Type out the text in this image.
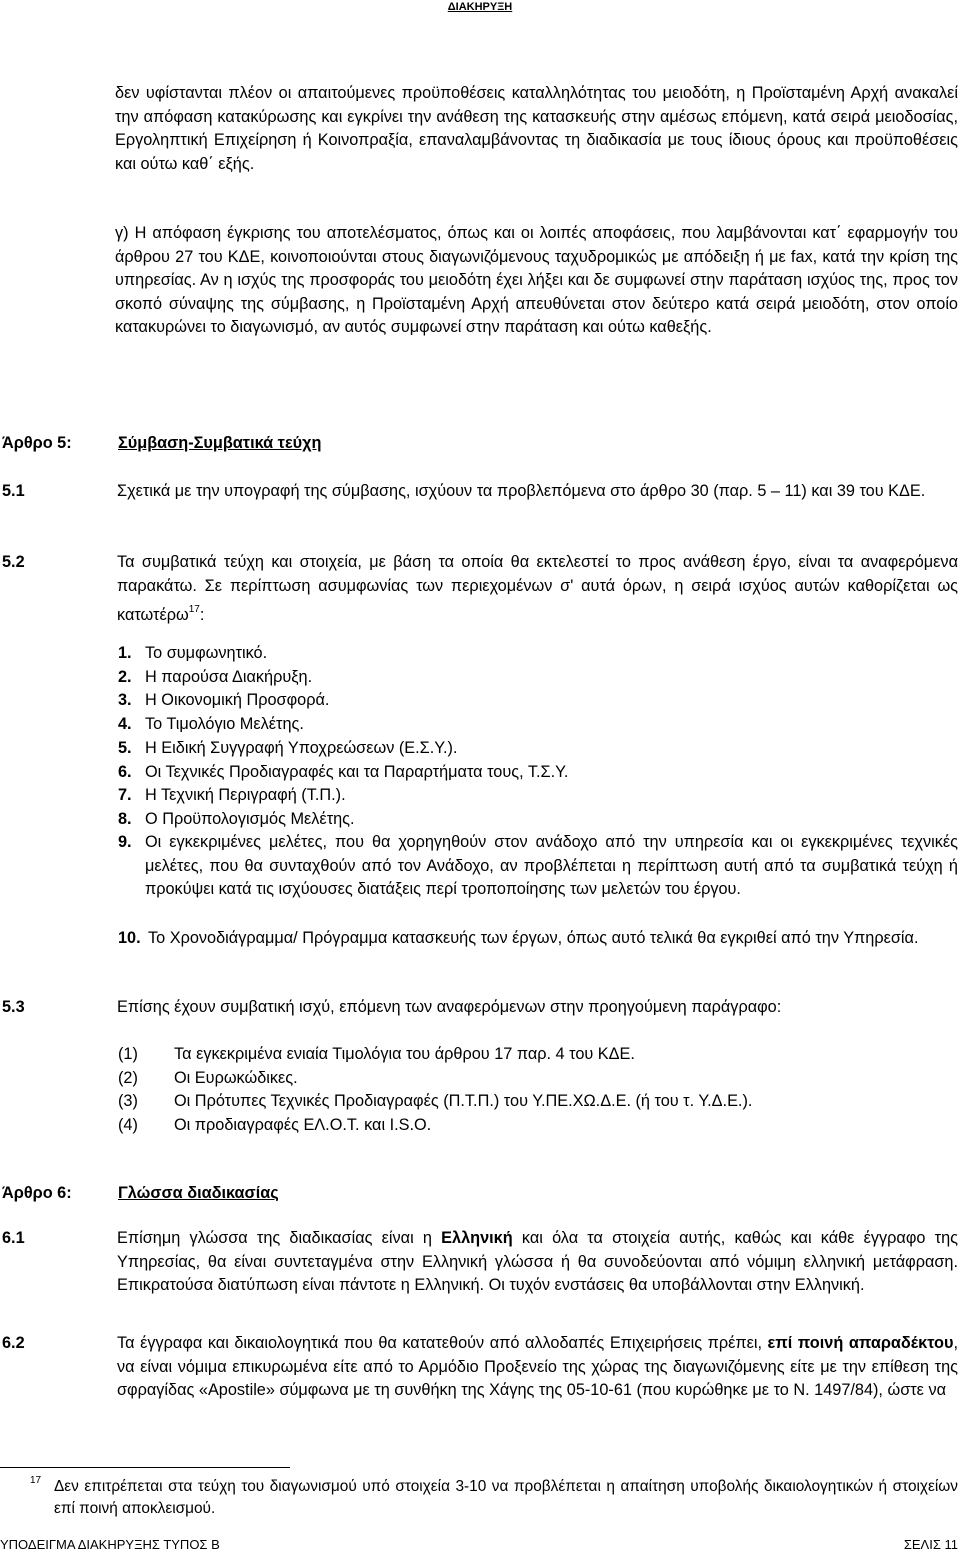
ΔΙΑΚΗΡΥΞΗ

δεν υφίστανται πλέον οι απαιτούμενες προϋποθέσεις καταλληλότητας του μειοδότη, η Προϊσταμένη Αρχή ανακαλεί την απόφαση κατακύρωσης και εγκρίνει την ανάθεση της κατασκευής στην αμέσως επόμενη, κατά σειρά μειοδοσίας, Εργοληπτική Επιχείρηση ή Κοινοπραξία, επαναλαμβάνοντας τη διαδικασία με τους ίδιους όρους και προϋποθέσεις και ούτω καθ΄ εξής.

γ) Η απόφαση έγκρισης του αποτελέσματος, όπως και οι λοιπές αποφάσεις, που λαμβάνονται κατ΄ εφαρμογήν του άρθρου 27 του ΚΔΕ, κοινοποιούνται στους διαγωνιζόμενους ταχυδρομικώς με απόδειξη ή με fax, κατά την κρίση της υπηρεσίας. Αν η ισχύς της προσφοράς του μειοδότη έχει λήξει και δε συμφωνεί στην παράταση ισχύος της, προς τον σκοπό σύναψης της σύμβασης, η Προϊσταμένη Αρχή απευθύνεται στον δεύτερο κατά σειρά μειοδότη, στον οποίο κατακυρώνει το διαγωνισμό, αν αυτός συμφωνεί στην παράταση και ούτω καθεξής.

Άρθρο 5:	Σύμβαση-Συμβατικά τεύχη
5.1	Σχετικά με την υπογραφή της σύμβασης, ισχύουν τα προβλεπόμενα στο άρθρο 30 (παρ. 5 – 11) και 39 του ΚΔΕ.
5.2	Τα συμβατικά τεύχη και στοιχεία, με βάση τα οποία θα εκτελεστεί το προς ανάθεση έργο, είναι τα αναφερόμενα παρακάτω. Σε περίπτωση ασυμφωνίας των περιεχομένων σ' αυτά όρων, η σειρά ισχύος αυτών καθορίζεται ως κατωτέρω$^{17}$:
1. Το συμφωνητικό.
2. Η παρούσα Διακήρυξη.
3. Η Οικονομική Προσφορά.
4. Το Τιμολόγιο Μελέτης.
5. Η Ειδική Συγγραφή Υποχρεώσεων (Ε.Σ.Υ.).
6. Οι Τεχνικές Προδιαγραφές και τα Παραρτήματα τους, Τ.Σ.Υ.
7. Η Τεχνική Περιγραφή (Τ.Π.).
8. Ο Προϋπολογισμός Μελέτης.
9. Οι εγκεκριμένες μελέτες, που θα χορηγηθούν στον ανάδοχο από την υπηρεσία και οι εγκεκριμένες τεχνικές μελέτες, που θα συνταχθούν από τον Ανάδοχο, αν προβλέπεται η περίπτωση αυτή από τα συμβατικά τεύχη ή προκύψει κατά τις ισχύουσες διατάξεις περί τροποποίησης των μελετών του έργου.
10. Το Χρονοδιάγραμμα/ Πρόγραμμα κατασκευής των έργων, όπως αυτό τελικά θα εγκριθεί από την Υπηρεσία.
5.3	Επίσης έχουν συμβατική ισχύ, επόμενη των αναφερόμενων στην προηγούμενη παράγραφο:
(1) Τα εγκεκριμένα ενιαία Τιμολόγια του άρθρου 17 παρ. 4 του ΚΔΕ.
(2) Οι Ευρωκώδικες.
(3) Οι Πρότυπες Τεχνικές Προδιαγραφές (Π.Τ.Π.) του Υ.ΠΕ.ΧΩ.Δ.Ε. (ή του τ. Υ.Δ.Ε.).
(4) Οι προδιαγραφές ΕΛ.Ο.Τ. και I.S.O.
Άρθρο 6:	Γλώσσα διαδικασίας
6.1	Επίσημη γλώσσα της διαδικασίας είναι η Ελληνική και όλα τα στοιχεία αυτής, καθώς και κάθε έγγραφο της Υπηρεσίας, θα είναι συντεταγμένα στην Ελληνική γλώσσα ή θα συνοδεύονται από νόμιμη ελληνική μετάφραση. Επικρατούσα διατύπωση είναι πάντοτε η Ελληνική. Οι τυχόν ενστάσεις θα υποβάλλονται στην Ελληνική.
6.2	Τα έγγραφα και δικαιολογητικά που θα κατατεθούν από αλλοδαπές Επιχειρήσεις πρέπει, επί ποινή απαραδέκτου, να είναι νόμιμα επικυρωμένα είτε από το Αρμόδιο Προξενείο της χώρας της διαγωνιζόμενης είτε με την επίθεση της σφραγίδας «Apostile» σύμφωνα με τη συνθήκη της Χάγης της 05-10-61 (που κυρώθηκε με το Ν. 1497/84), ώστε να
17 Δεν επιτρέπεται στα τεύχη του διαγωνισμού υπό στοιχεία 3-10 να προβλέπεται η απαίτηση υποβολής δικαιολογητικών ή στοιχείων επί ποινή αποκλεισμού.
ΥΠΟΔΕΙΓΜΑ ΔΙΑΚΗΡΥΞΗΣ ΤΥΠΟΣ Β	ΣΕΛΙΣ 11
